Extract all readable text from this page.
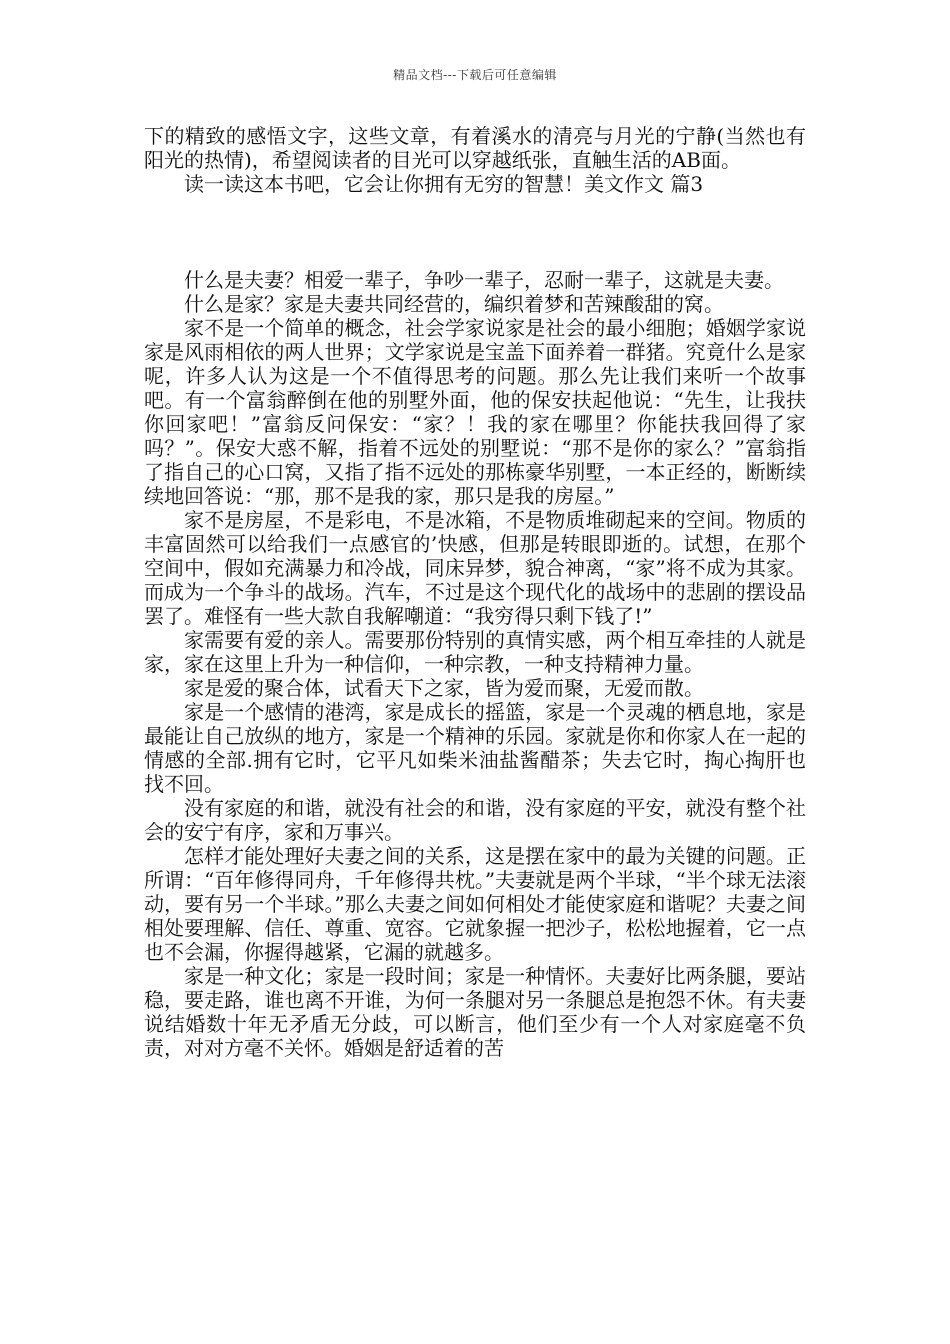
精品文档---下载后可任意编辑

下的精致的感悟文字，这些文章，有着溪水的清亮与月光的宁静(当然也有阳光的热情)，希望阅读者的目光可以穿越纸张，直触生活的AB面。

读一读这本书吧，它会让你拥有无穷的智慧！美文作文 篇3

什么是夫妻？相爱一辈子，争吵一辈子，忍耐一辈子，这就是夫妻。

什么是家？家是夫妻共同经营的，编织着梦和苦辣酸甜的窝。

家不是一个简单的概念，社会学家说家是社会的最小细胞；婚姻学家说家是风雨相依的两人世界；文学家说是宝盖下面养着一群猪。究竟什么是家呢，许多人认为这是一个不值得思考的问题。那么先让我们来听一个故事吧。有一个富翁醉倒在他的别墅外面，他的保安扶起他说：“先生，让我扶你回家吧！”富翁反问保安：“家？！我的家在哪里？你能扶我回得了家吗？”。保安大惑不解，指着不远处的别墅说：“那不是你的家么？”富翁指了指自己的心口窝，又指了指不远处的那栋豪华别墅，一本正经的，断断续续地回答说：“那，那不是我的家，那只是我的房屋。”

家不是房屋，不是彩电，不是冰箱，不是物质堆砌起来的空间。物质的丰富固然可以给我们一点感官的’快感，但那是转眼即逝的。试想，在那个空间中，假如充满暴力和冷战，同床异梦，貌合神离，“家”将不成为其家。而成为一个争斗的战场。汽车，不过是这个现代化的战场中的悲剧的摆设品罢了。难怪有一些大款自我解嘲道：“我穷得只剩下钱了!”

家需要有爱的亲人。需要那份特别的真情实感，两个相互牵挂的人就是家，家在这里上升为一种信仰，一种宗教，一种支持精神力量。

家是爱的聚合体，试看天下之家，皆为爱而聚，无爱而散。

家是一个感情的港湾，家是成长的摇篮，家是一个灵魂的栖息地，家是最能让自己放纵的地方，家是一个精神的乐园。家就是你和你家人在一起的情感的全部.拥有它时，它平凡如柴米油盐酱醋茶；失去它时，掏心掏肝也找不回。

没有家庭的和谐，就没有社会的和谐，没有家庭的平安，就没有整个社会的安宁有序，家和万事兴。

怎样才能处理好夫妻之间的关系，这是摆在家中的最为关键的问题。正所谓：“百年修得同舟，千年修得共枕。”夫妻就是两个半球，“半个球无法滚动，要有另一个半球。”那么夫妻之间如何相处才能使家庭和谐呢？夫妻之间相处要理解、信任、尊重、宽容。它就象握一把沙子，松松地握着，它一点也不会漏，你握得越紧，它漏的就越多。

家是一种文化；家是一段时间；家是一种情怀。夫妻好比两条腿，要站稳，要走路，谁也离不开谁，为何一条腿对另一条腿总是抱怨不休。有夫妻说结婚数十年无矛盾无分歧，可以断言，他们至少有一个人对家庭毫不负责，对对方毫不关怀。婚姻是舒适着的苦
